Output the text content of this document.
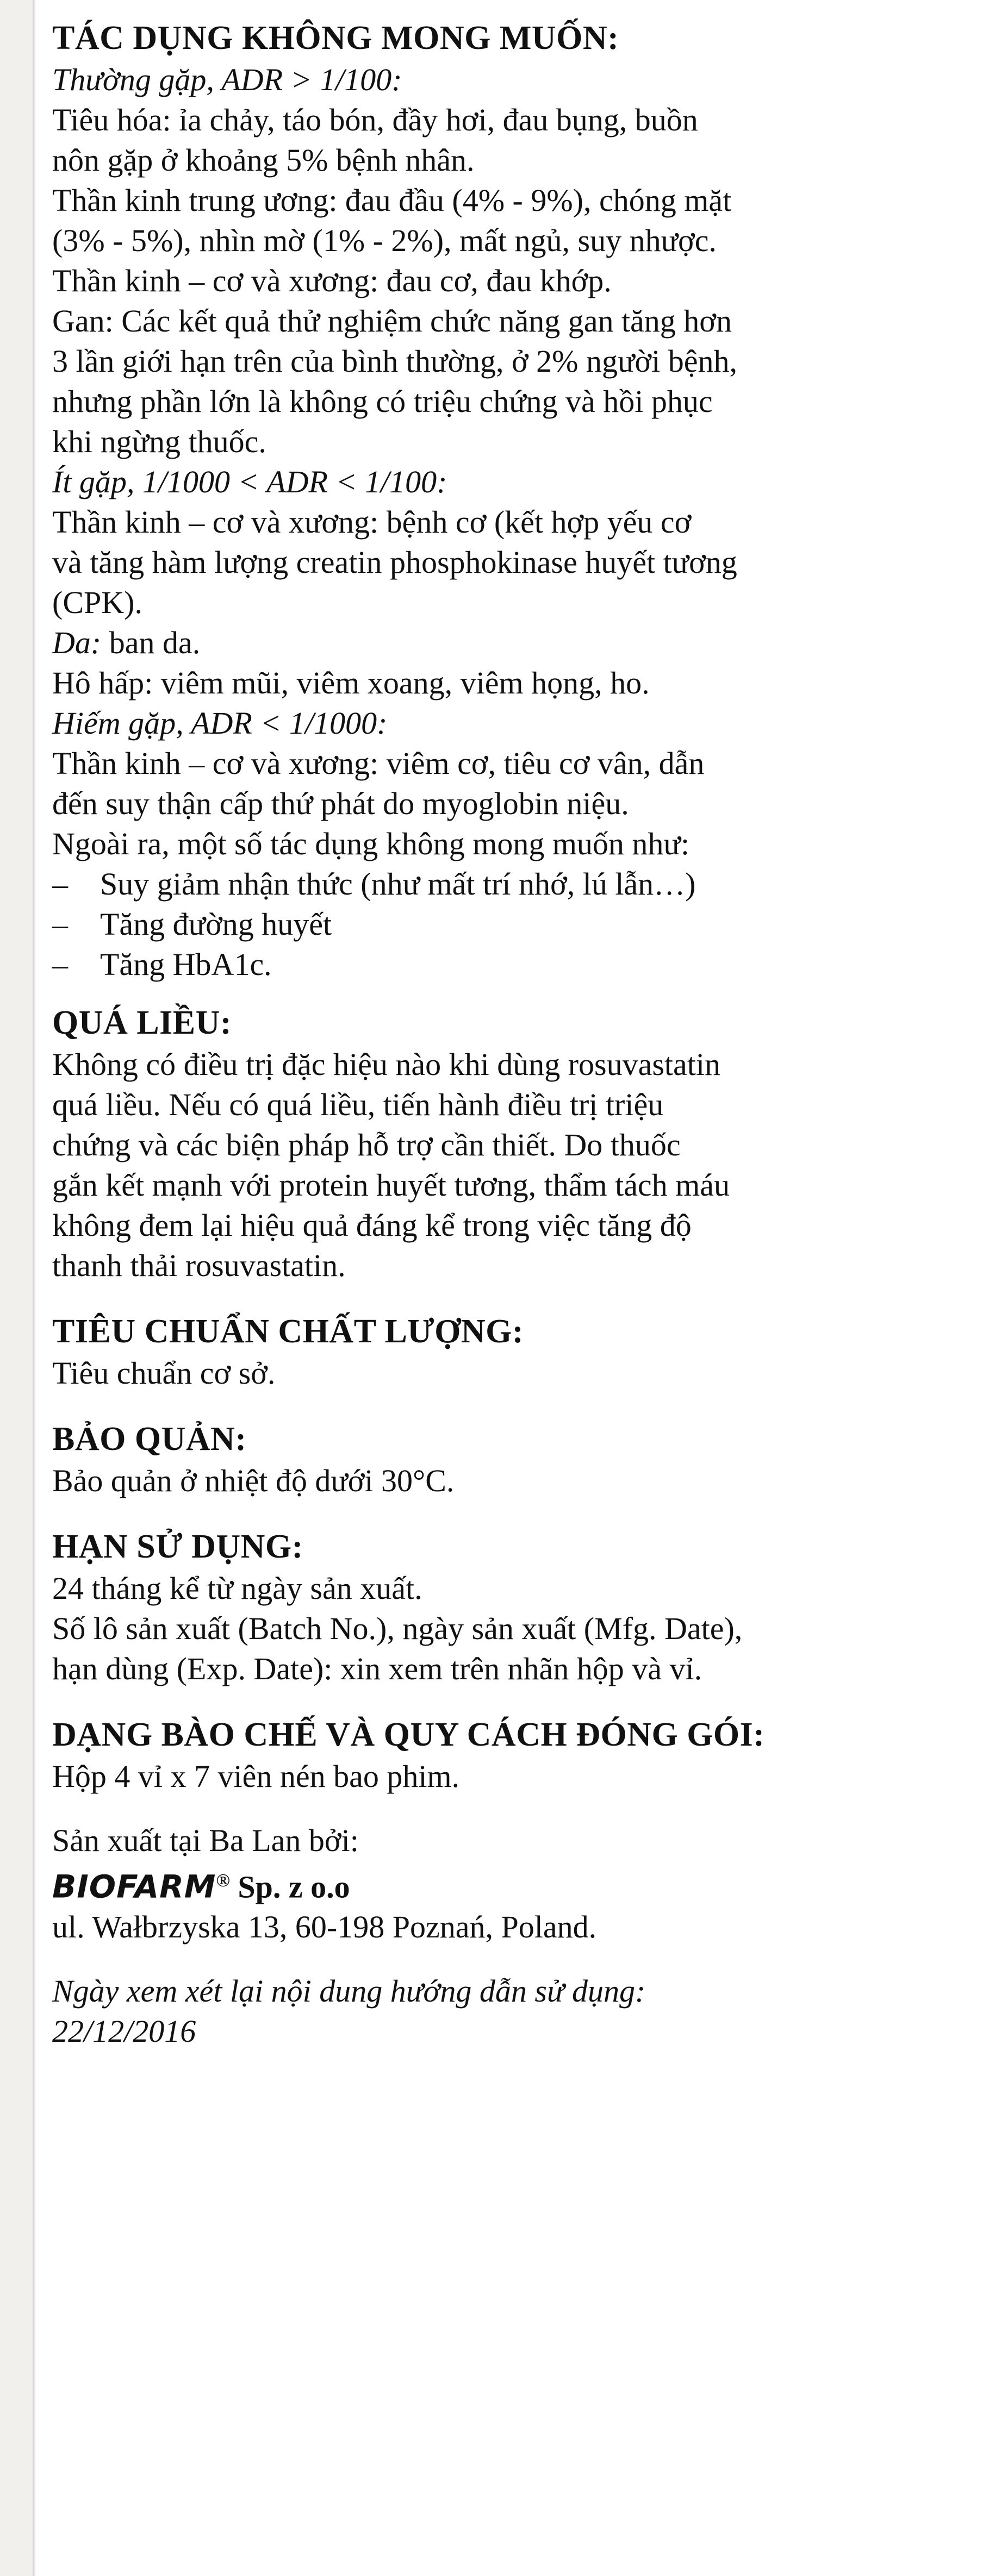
TÁC DỤNG KHÔNG MONG MUỐN:

Thường gặp, ADR > 1/100:

Tiêu hóa: ỉa chảy, táo bón, đầy hơi, đau bụng, buồn

nôn gặp ở khoảng 5% bệnh nhân.

Thần kinh trung ương: đau đầu (4% - 9%), chóng mặt

(3% - 5%), nhìn mờ (1% - 2%), mất ngủ, suy nhược.

Thần kinh – cơ và xương: đau cơ, đau khớp.

Gan: Các kết quả thử nghiệm chức năng gan tăng hơn

3 lần giới hạn trên của bình thường, ở 2% người bệnh,

nhưng phần lớn là không có triệu chứng và hồi phục

khi ngừng thuốc.

Ít gặp, 1/1000 < ADR < 1/100:

Thần kinh – cơ và xương: bệnh cơ (kết hợp yếu cơ

và tăng hàm lượng creatin phosphokinase huyết tương

(CPK).

Da: ban da.

Hô hấp: viêm mũi, viêm xoang, viêm họng, ho.

Hiếm gặp, ADR < 1/1000:

Thần kinh – cơ và xương: viêm cơ, tiêu cơ vân, dẫn

đến suy thận cấp thứ phát do myoglobin niệu.

Ngoài ra, một số tác dụng không mong muốn như:

– Suy giảm nhận thức (như mất trí nhớ, lú lẫn…)

– Tăng đường huyết

– Tăng HbA1c.

QUÁ LIỀU:

Không có điều trị đặc hiệu nào khi dùng rosuvastatin

quá liều. Nếu có quá liều, tiến hành điều trị triệu

chứng và các biện pháp hỗ trợ cần thiết. Do thuốc

gắn kết mạnh với protein huyết tương, thẩm tách máu

không đem lại hiệu quả đáng kể trong việc tăng độ

thanh thải rosuvastatin.

TIÊU CHUẨN CHẤT LƯỢNG:

Tiêu chuẩn cơ sở.

BẢO QUẢN:

Bảo quản ở nhiệt độ dưới 30°C.

HẠN SỬ DỤNG:

24 tháng kể từ ngày sản xuất.

Số lô sản xuất (Batch No.), ngày sản xuất (Mfg. Date),

hạn dùng (Exp. Date): xin xem trên nhãn hộp và vỉ.

DẠNG BÀO CHẾ VÀ QUY CÁCH ĐÓNG GÓI:

Hộp 4 vỉ x 7 viên nén bao phim.

Sản xuất tại Ba Lan bởi:

BIOFARM® Sp. z o.o

ul. Wałbrzyska 13, 60-198 Poznań, Poland.

Ngày xem xét lại nội dung hướng dẫn sử dụng:

22/12/2016
